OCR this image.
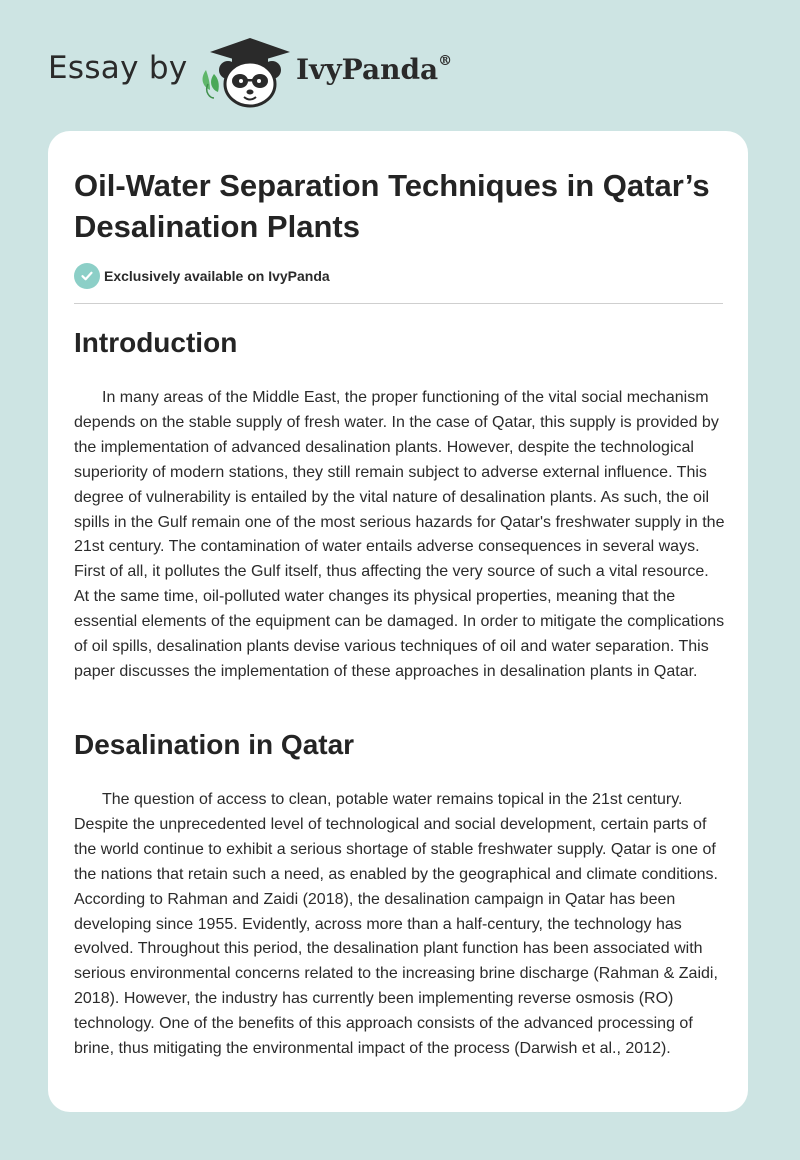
Essay by	IvyPanda®
Oil-Water Separation Techniques in Qatar’s Desalination Plants
Exclusively available on IvyPanda
Introduction

In many areas of the Middle East, the proper functioning of the vital social mechanism depends on the stable supply of fresh water. In the case of Qatar, this supply is provided by the implementation of advanced desalination plants. However, despite the technological superiority of modern stations, they still remain subject to adverse external influence. This degree of vulnerability is entailed by the vital nature of desalination plants. As such, the oil spills in the Gulf remain one of the most serious hazards for Qatar's freshwater supply in the 21st century. The contamination of water entails adverse consequences in several ways. First of all, it pollutes the Gulf itself, thus affecting the very source of such a vital resource. At the same time, oil-polluted water changes its physical properties, meaning that the essential elements of the equipment can be damaged. In order to mitigate the complications of oil spills, desalination plants devise various techniques of oil and water separation. This paper discusses the implementation of these approaches in desalination plants in Qatar.

Desalination in Qatar

The question of access to clean, potable water remains topical in the 21st century. Despite the unprecedented level of technological and social development, certain parts of the world continue to exhibit a serious shortage of stable freshwater supply. Qatar is one of the nations that retain such a need, as enabled by the geographical and climate conditions. According to Rahman and Zaidi (2018), the desalination campaign in Qatar has been developing since 1955. Evidently, across more than a half-century, the technology has evolved. Throughout this period, the desalination plant function has been associated with serious environmental concerns related to the increasing brine discharge (Rahman & Zaidi, 2018). However, the industry has currently been implementing reverse osmosis (RO) technology. One of the benefits of this approach consists of the advanced processing of brine, thus mitigating the environmental impact of the process (Darwish et al., 2012).
